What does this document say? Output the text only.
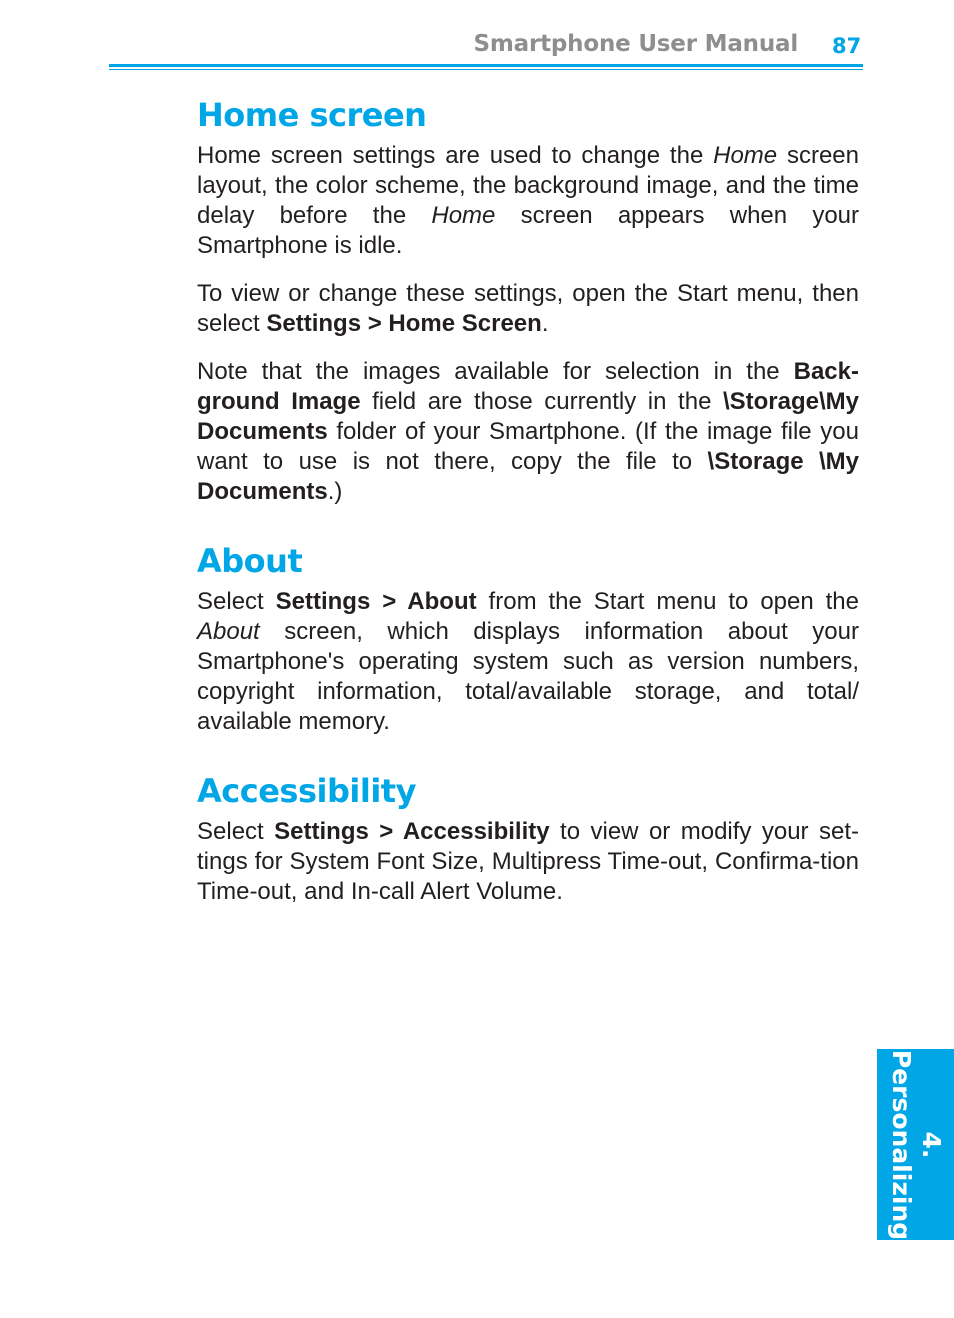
Smartphone User Manual 87
Home screen

Home screen settings are used to change the Home screen layout, the color scheme, the background image, and the time delay before the Home screen appears when your Smartphone is idle.

To view or change these settings, open the Start menu, then select Settings > Home Screen.

Note that the images available for selection in the Back-ground Image field are those currently in the \Storage\My Documents folder of your Smartphone. (If the image file you want to use is not there, copy the file to \Storage \My Documents.)

About

Select Settings > About from the Start menu to open the About screen, which displays information about your Smartphone's operating system such as version numbers, copyright information, total/available storage, and total/ available memory.

Accessibility

Select Settings > Accessibility to view or modify your set-tings for System Font Size, Multipress Time-out, Confirma-tion Time-out, and In-call Alert Volume.

4.
Personalizing
